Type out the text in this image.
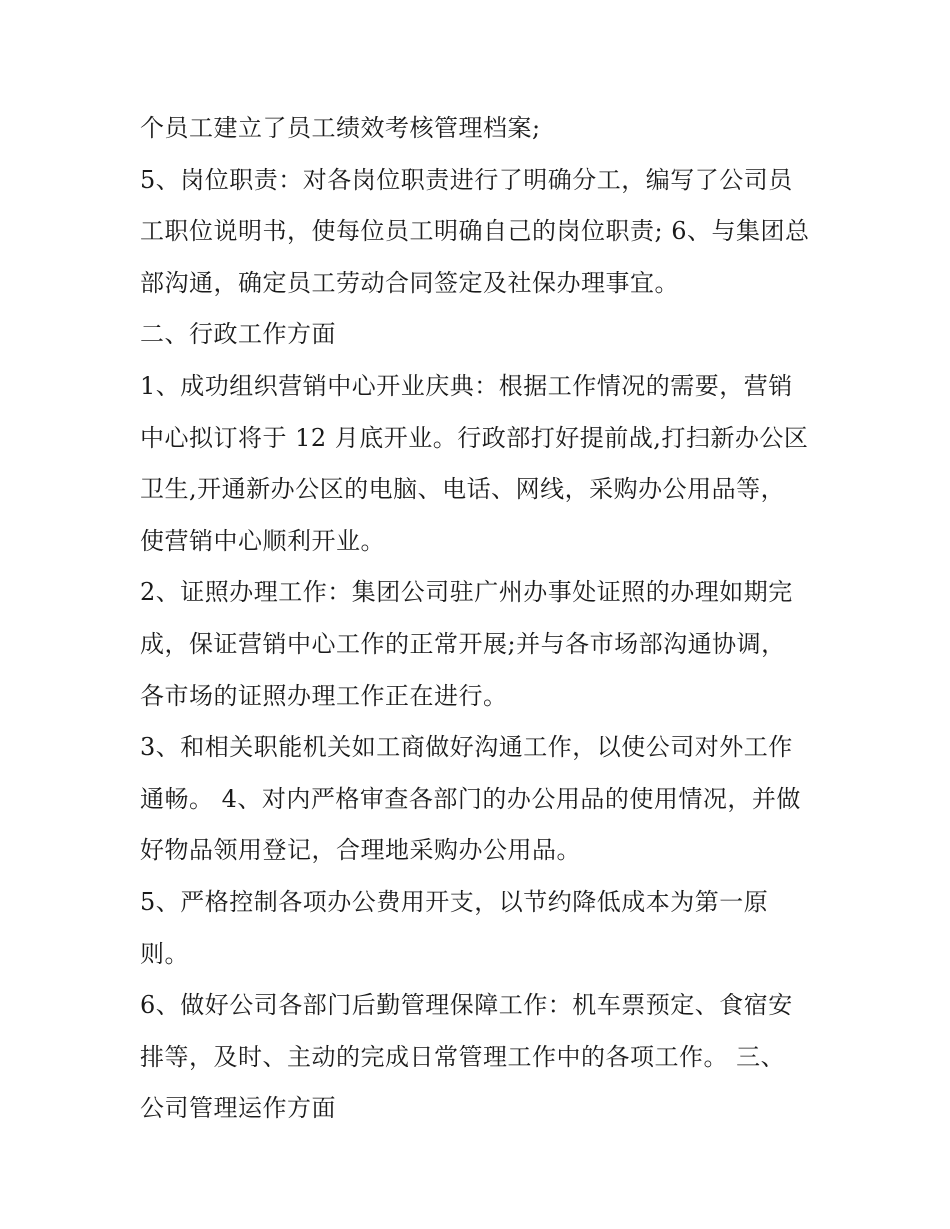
个员工建立了员工绩效考核管理档案;
5、岗位职责：对各岗位职责进行了明确分工，编写了公司员
工职位说明书，使每位员工明确自己的岗位职责; 6、与集团总
部沟通，确定员工劳动合同签定及社保办理事宜。
二、行政工作方面
1、成功组织营销中心开业庆典：根据工作情况的需要，营销
中心拟订将于 12 月底开业。行政部打好提前战,打扫新办公区
卫生,开通新办公区的电脑、电话、网线，采购办公用品等，
使营销中心顺利开业。
2、证照办理工作：集团公司驻广州办事处证照的办理如期完
成，保证营销中心工作的正常开展;并与各市场部沟通协调，
各市场的证照办理工作正在进行。
3、和相关职能机关如工商做好沟通工作，以使公司对外工作
通畅。 4、对内严格审查各部门的办公用品的使用情况，并做
好物品领用登记，合理地采购办公用品。
5、严格控制各项办公费用开支，以节约降低成本为第一原
则。
6、做好公司各部门后勤管理保障工作：机车票预定、食宿安
排等，及时、主动的完成日常管理工作中的各项工作。 三、
公司管理运作方面
